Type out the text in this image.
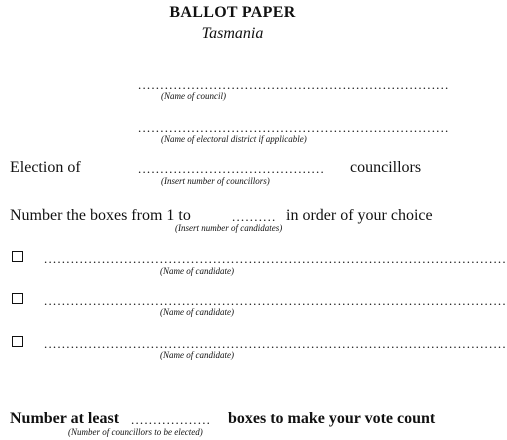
BALLOT PAPER
Tasmania
......................................................................
(Name of council)
......................................................................
(Name of electoral district if applicable)
Election of	..........................................	councillors
(Insert number of councillors)
Number the boxes from 1 to	.......... in order of your choice
(Insert number of candidates)
........................................................................................................
(Name of candidate)
........................................................................................................
(Name of candidate)
........................................................................................................
(Name of candidate)
Number at least ..................	boxes to make your vote count
(Number of councillors to be elected)
